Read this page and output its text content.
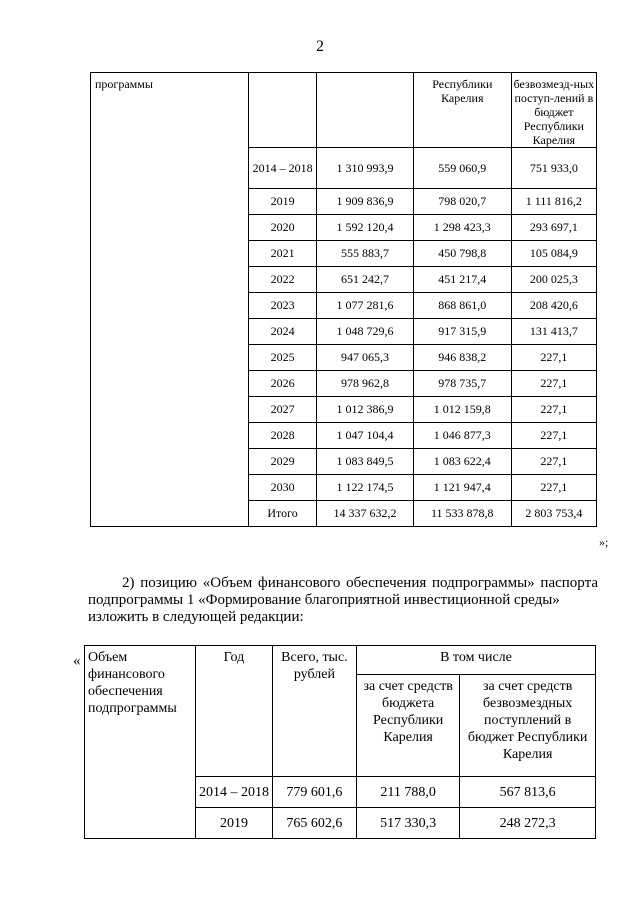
2
программы			Республики Карелия	безвозмезд-ных поступ-лений в бюджет Республики Карелия
	2014 – 2018	1 310 993,9	559 060,9	751 933,0
	2019	1 909 836,9	798 020,7	1 111 816,2
	2020	1 592 120,4	1 298 423,3	293 697,1
	2021	555 883,7	450 798,8	105 084,9
	2022	651 242,7	451 217,4	200 025,3
	2023	1 077 281,6	868 861,0	208 420,6
	2024	1 048 729,6	917 315,9	131 413,7
	2025	947 065,3	946 838,2	227,1
	2026	978 962,8	978 735,7	227,1
	2027	1 012 386,9	1 012 159,8	227,1
	2028	1 047 104,4	1 046 877,3	227,1
	2029	1 083 849,5	1 083 622,4	227,1
	2030	1 122 174,5	1 121 947,4	227,1
	Итого	14 337 632,2	11 533 878,8	2 803 753,4
»;

2) позицию «Объем финансового обеспечения подпрограммы» паспорта подпрограммы 1 «Формирование благоприятной инвестиционной среды»

изложить в следующей редакции:

« Объем финансового обеспечения подпрограммы	Год	Всего, тыс. рублей	В том числе	
			за счет средств бюджета Республики Карелия	за счет средств безвозмездных поступлений в бюджет Республики Карелия
	2014 – 2018	779 601,6	211 788,0	567 813,6
	2019	765 602,6	517 330,3	248 272,3
